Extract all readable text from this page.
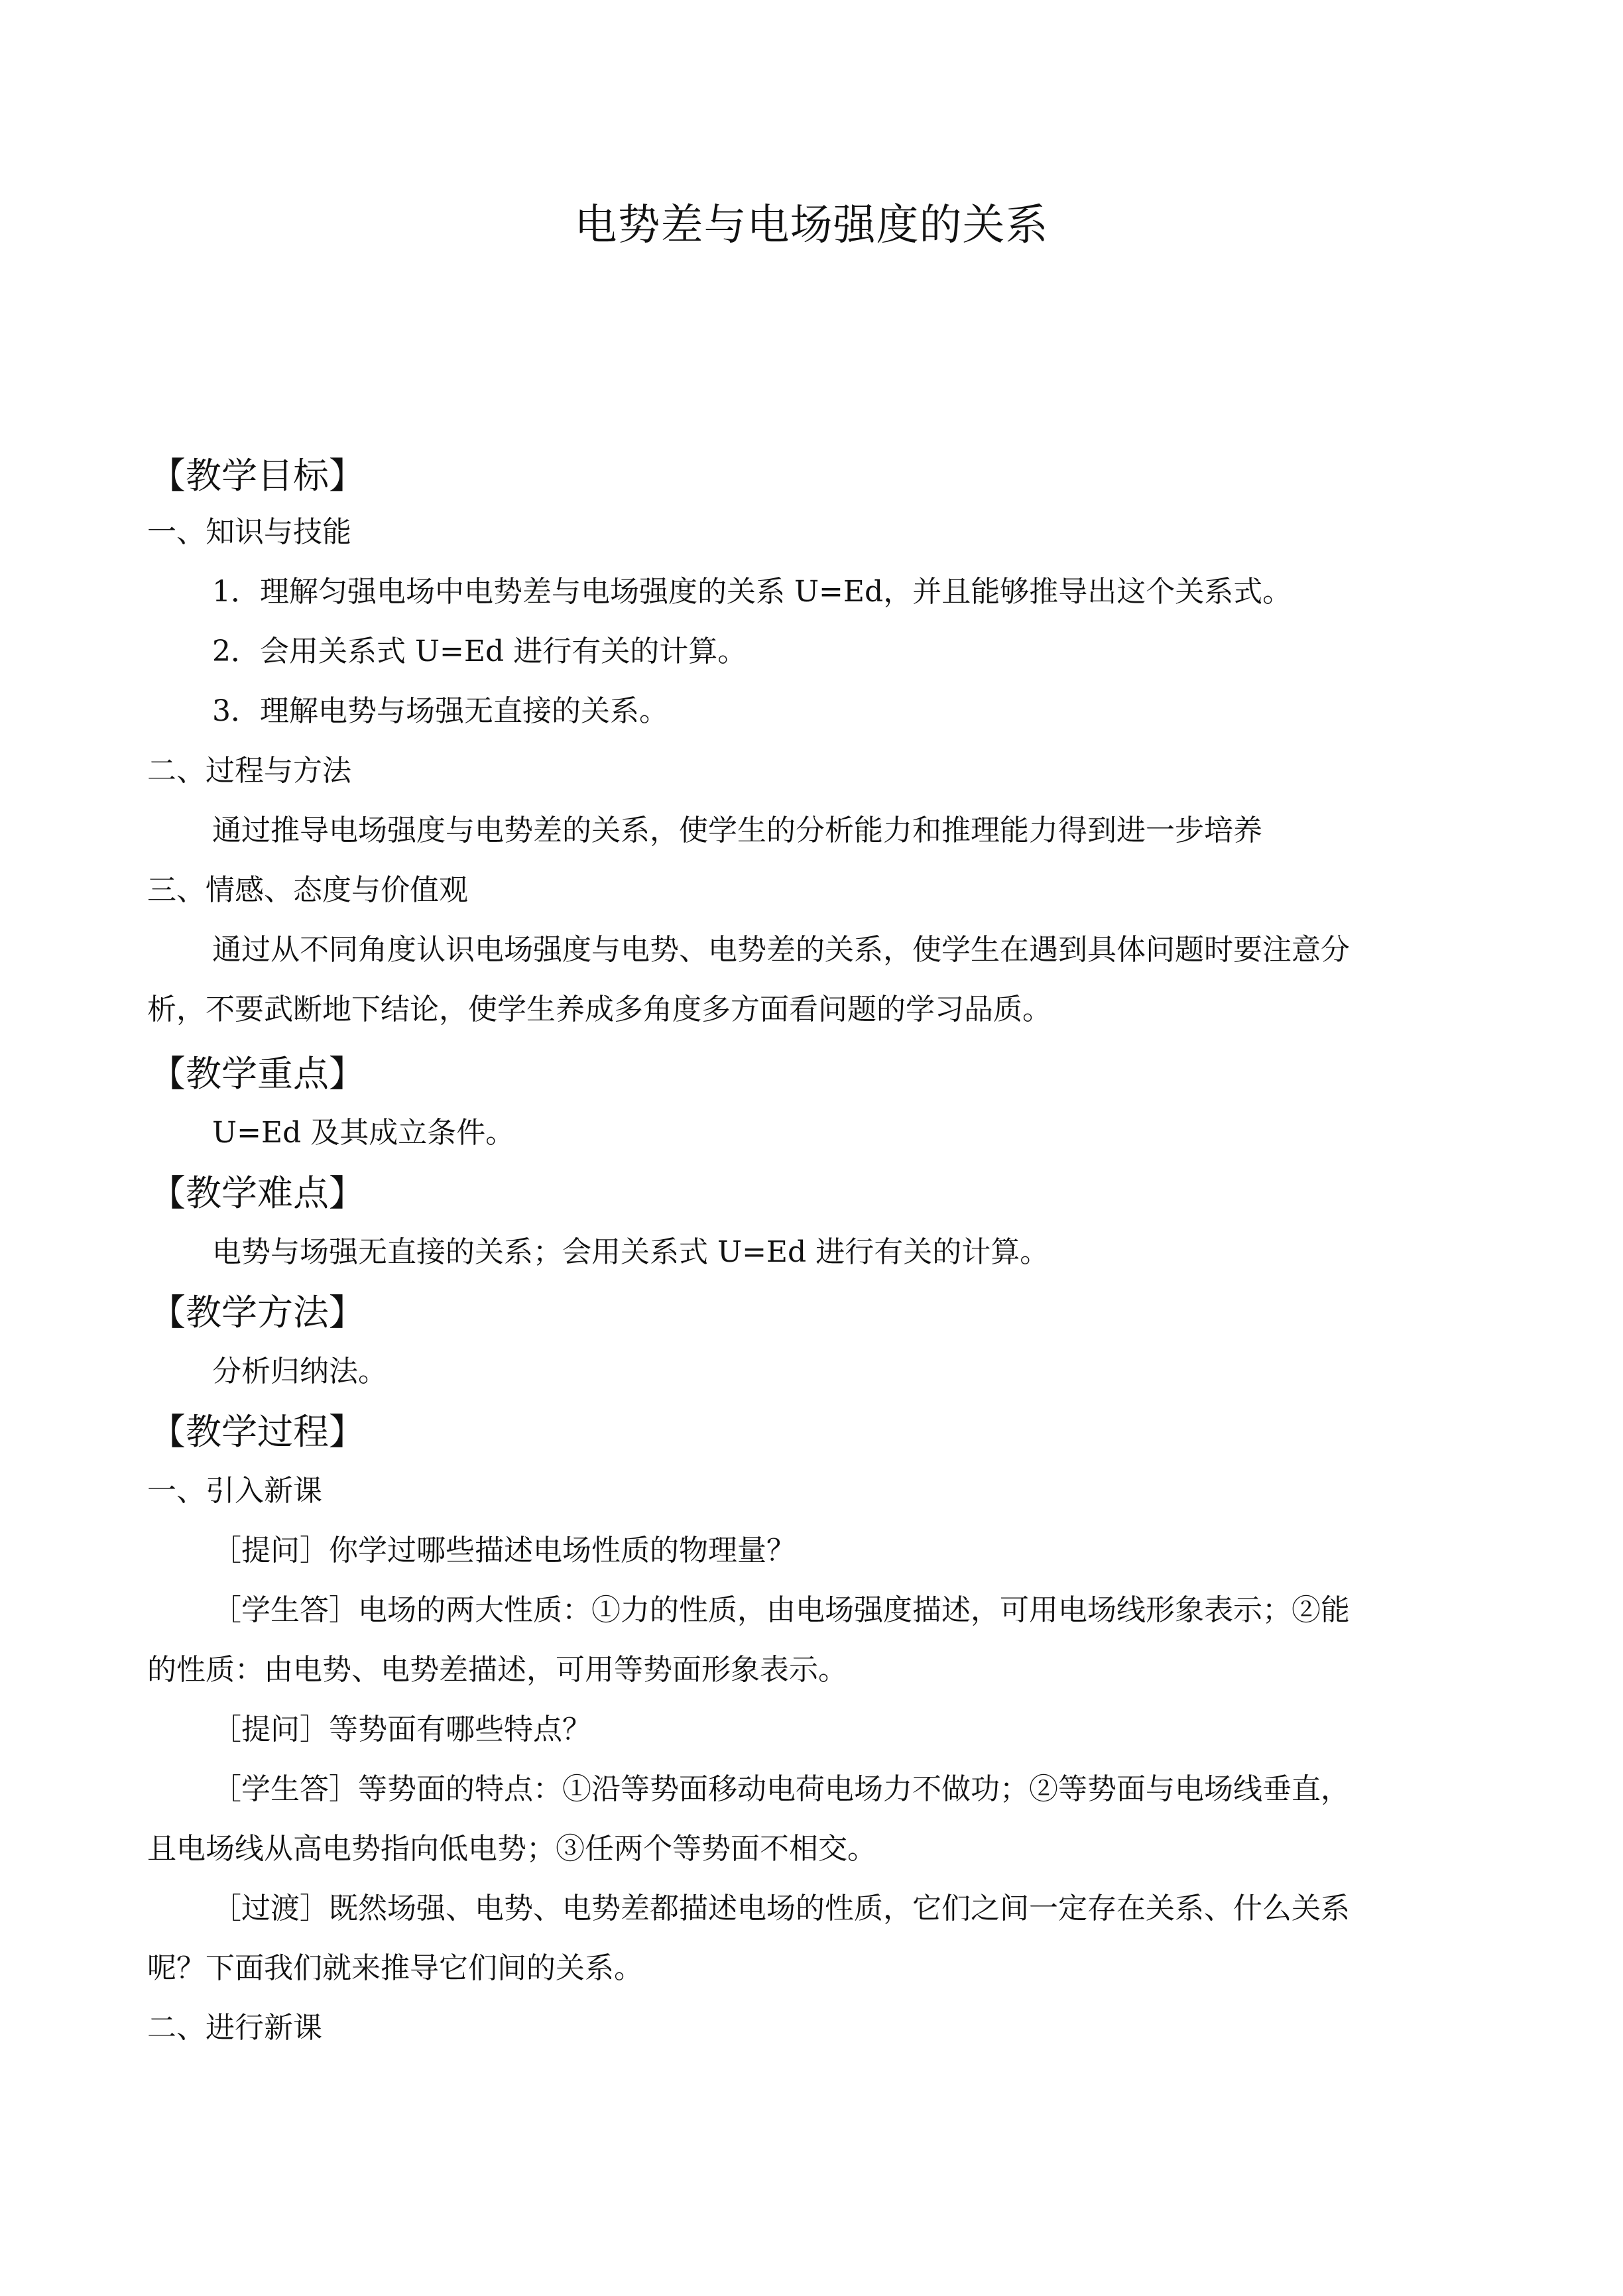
电势差与电场强度的关系
【教学目标】
一、知识与技能
1．理解匀强电场中电势差与电场强度的关系 U=Ed，并且能够推导出这个关系式。
2．会用关系式 U=Ed 进行有关的计算。
3．理解电势与场强无直接的关系。
二、过程与方法
通过推导电场强度与电势差的关系，使学生的分析能力和推理能力得到进一步培养
三、情感、态度与价值观
通过从不同角度认识电场强度与电势、电势差的关系，使学生在遇到具体问题时要注意分
析，不要武断地下结论，使学生养成多角度多方面看问题的学习品质。
【教学重点】
U=Ed 及其成立条件。
【教学难点】
电势与场强无直接的关系；会用关系式 U=Ed 进行有关的计算。
【教学方法】
分析归纳法。
【教学过程】
一、引入新课
［提问］你学过哪些描述电场性质的物理量？
［学生答］电场的两大性质：①力的性质，由电场强度描述，可用电场线形象表示；②能
的性质：由电势、电势差描述，可用等势面形象表示。
［提问］等势面有哪些特点？
［学生答］等势面的特点：①沿等势面移动电荷电场力不做功；②等势面与电场线垂直，
且电场线从高电势指向低电势；③任两个等势面不相交。
［过渡］既然场强、电势、电势差都描述电场的性质，它们之间一定存在关系、什么关系
呢？下面我们就来推导它们间的关系。
二、进行新课
